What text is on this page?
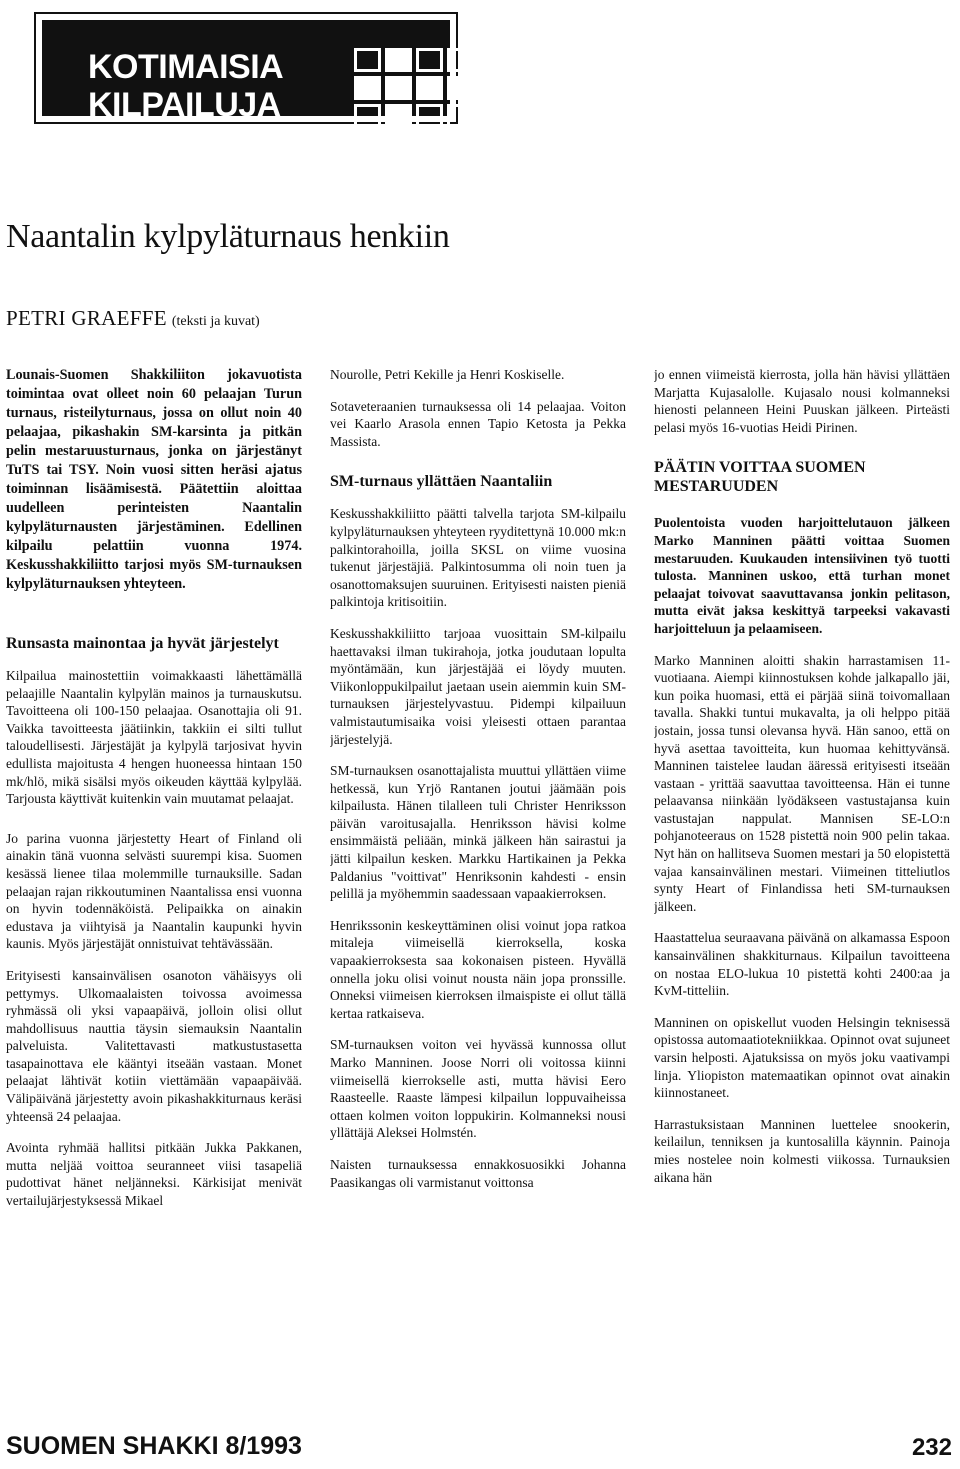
KOTIMAISIA
KILPAILUJA
Naantalin kylpyläturnaus henkiin

PETRI GRAEFFE (teksti ja kuvat)

Lounais-Suomen Shakkiliiton jokavuotista toimintaa ovat olleet noin 60 pelaajan Turun turnaus, risteilyturnaus, jossa on ollut noin 40 pelaajaa, pikashakin SM-karsinta ja pitkän pelin mestaruusturnaus, jonka on järjestänyt TuTS tai TSY. Noin vuosi sitten heräsi ajatus toiminnan lisäämisestä. Päätettiin aloittaa uudelleen perinteisten Naantalin kylpyläturnausten järjestäminen. Edellinen kilpailu pelattiin vuonna 1974. Keskusshakkiliitto tarjosi myös SM-turnauksen kylpyläturnauksen yhteyteen.

Runsasta mainontaa ja hyvät järjestelyt

Kilpailua mainostettiin voimakkaasti lähettämällä pelaajille Naantalin kylpylän mainos ja turnauskutsu. Tavoitteena oli 100-150 pelaajaa. Osanottajia oli 91. Vaikka tavoitteesta jäätiinkin, takkiin ei silti tullut taloudellisesti. Järjestäjät ja kylpylä tarjosivat hyvin edullista majoitusta 4 hengen huoneessa hintaan 150 mk/hlö, mikä sisälsi myös oikeuden käyttää kylpylää. Tarjousta käyttivät kuitenkin vain muutamat pelaajat.

Jo parina vuonna järjestetty Heart of Finland oli ainakin tänä vuonna selvästi suurempi kisa. Suomen kesässä lienee tilaa molemmille turnauksille. Sadan pelaajan rajan rikkoutuminen Naantalissa ensi vuonna on hyvin todennäköistä. Pelipaikka on ainakin edustava ja viihtyisä ja Naantalin kaupunki hyvin kaunis. Myös järjestäjät onnistuivat tehtävässään.

Erityisesti kansainvälisen osanoton vähäisyys oli pettymys. Ulkomaalaisten toivossa avoimessa ryhmässä oli yksi vapaapäivä, jolloin olisi ollut mahdollisuus nauttia täysin siemauksin Naantalin palveluista. Valitettavasti matkustustasetta tasapainottava ele kääntyi itseään vastaan. Monet pelaajat lähtivät kotiin viettämään vapaapäivää. Välipäivänä järjestetty avoin pikashakkiturnaus keräsi yhteensä 24 pelaajaa.

Avointa ryhmää hallitsi pitkään Jukka Pakkanen, mutta neljää voittoa seuranneet viisi tasapeliä pudottivat hänet neljänneksi. Kärkisijat menivät vertailujärjestyksessä Mikael

Nourolle, Petri Kekille ja Henri Koskiselle.

Sotaveteraanien turnauksessa oli 14 pelaajaa. Voiton vei Kaarlo Arasola ennen Tapio Ketosta ja Pekka Massista.

SM-turnaus yllättäen Naantaliin

Keskusshakkiliitto päätti talvella tarjota SM-kilpailu kylpyläturnauksen yhteyteen ryyditettynä 10.000 mk:n palkintorahoilla, joilla SKSL on viime vuosina tukenut järjestäjiä. Palkintosumma oli noin tuen ja osanottomaksujen suuruinen. Erityisesti naisten pieniä palkintoja kritisoitiin.

Keskusshakkiliitto tarjoaa vuosittain SM-kilpailu haettavaksi ilman tukirahoja, jotka joudutaan lopulta myöntämään, kun järjestäjää ei löydy muuten. Viikonloppukilpailut jaetaan usein aiemmin kuin SM-turnauksen järjestelyvastuu. Pidempi kilpailuun valmistautumisaika voisi yleisesti ottaen parantaa järjestelyjä.

SM-turnauksen osanottajalista muuttui yllättäen viime hetkessä, kun Yrjö Rantanen joutui jäämään pois kilpailusta. Hänen tilalleen tuli Christer Henriksson päivän varoitusajalla. Henriksson hävisi kolme ensimmäistä peliään, minkä jälkeen hän sairastui ja jätti kilpailun kesken. Markku Hartikainen ja Pekka Paldanius "voittivat" Henriksonin kahdesti - ensin pelillä ja myöhemmin saadessaan vapaakierroksen.

Henrikssonin keskeyttäminen olisi voinut jopa ratkoa mitaleja viimeisellä kierroksella, koska vapaakierroksesta saa kokonaisen pisteen. Hyvällä onnella joku olisi voinut nousta näin jopa pronssille. Onneksi viimeisen kierroksen ilmaispiste ei ollut tällä kertaa ratkaiseva.

SM-turnauksen voiton vei hyvässä kunnossa ollut Marko Manninen. Joose Norri oli voitossa kiinni viimeisellä kierrokselle asti, mutta hävisi Eero Raasteelle. Raaste lämpesi kilpailun loppuvaiheissa ottaen kolmen voiton loppukirin. Kolmanneksi nousi yllättäjä Aleksei Holmstén.

Naisten turnauksessa ennakkosuosikki Johanna Paasikangas oli varmistanut voittonsa

jo ennen viimeistä kierrosta, jolla hän hävisi yllättäen Marjatta Kujasalolle. Kujasalo nousi kolmanneksi hienosti pelanneen Heini Puuskan jälkeen. Pirteästi pelasi myös 16-vuotias Heidi Pirinen.

PÄÄTIN VOITTAA SUOMEN MESTARUUDEN

Puolentoista vuoden harjoittelutauon jälkeen Marko Manninen päätti voittaa Suomen mestaruuden. Kuukauden intensiivinen työ tuotti tulosta. Manninen uskoo, että turhan monet pelaajat toivovat saavuttavansa jonkin pelitason, mutta eivät jaksa keskittyä tarpeeksi vakavasti harjoitteluun ja pelaamiseen.

Marko Manninen aloitti shakin harrastamisen 11-vuotiaana. Aiempi kiinnostuksen kohde jalkapallo jäi, kun poika huomasi, että ei pärjää siinä toivomallaan tavalla. Shakki tuntui mukavalta, ja oli helppo pitää jostain, jossa tunsi olevansa hyvä. Hän sanoo, että on hyvä asettaa tavoitteita, kun huomaa kehittyvänsä. Manninen taistelee laudan ääressä erityisesti itseään vastaan - yrittää saavuttaa tavoitteensa. Hän ei tunne pelaavansa niinkään lyödäkseen vastustajansa kuin vastustajan nappulat. Mannisen SE-LO:n pohjanoteeraus on 1528 pistettä noin 900 pelin takaa. Nyt hän on hallitseva Suomen mestari ja 50 elopistettä vajaa kansainvälinen mestari. Viimeinen titteliutlos synty Heart of Finlandissa heti SM-turnauksen jälkeen.

Haastattelua seuraavana päivänä on alkamassa Espoon kansainvälinen shakkiturnaus. Kilpailun tavoitteena on nostaa ELO-lukua 10 pistettä kohti 2400:aa ja KvM-titteliin.

Manninen on opiskellut vuoden Helsingin teknisessä opistossa automaatiotekniikkaa. Opinnot ovat sujuneet varsin helposti. Ajatuksissa on myös joku vaativampi linja. Yliopiston matemaatikan opinnot ovat ainakin kiinnostaneet.

Harrastuksistaan Manninen luettelee snookerin, keilailun, tenniksen ja kuntosalilla käynnin. Painoja mies nostelee noin kolmesti viikossa. Turnauksien aikana hän

SUOMEN SHAKKI 8/1993	232
